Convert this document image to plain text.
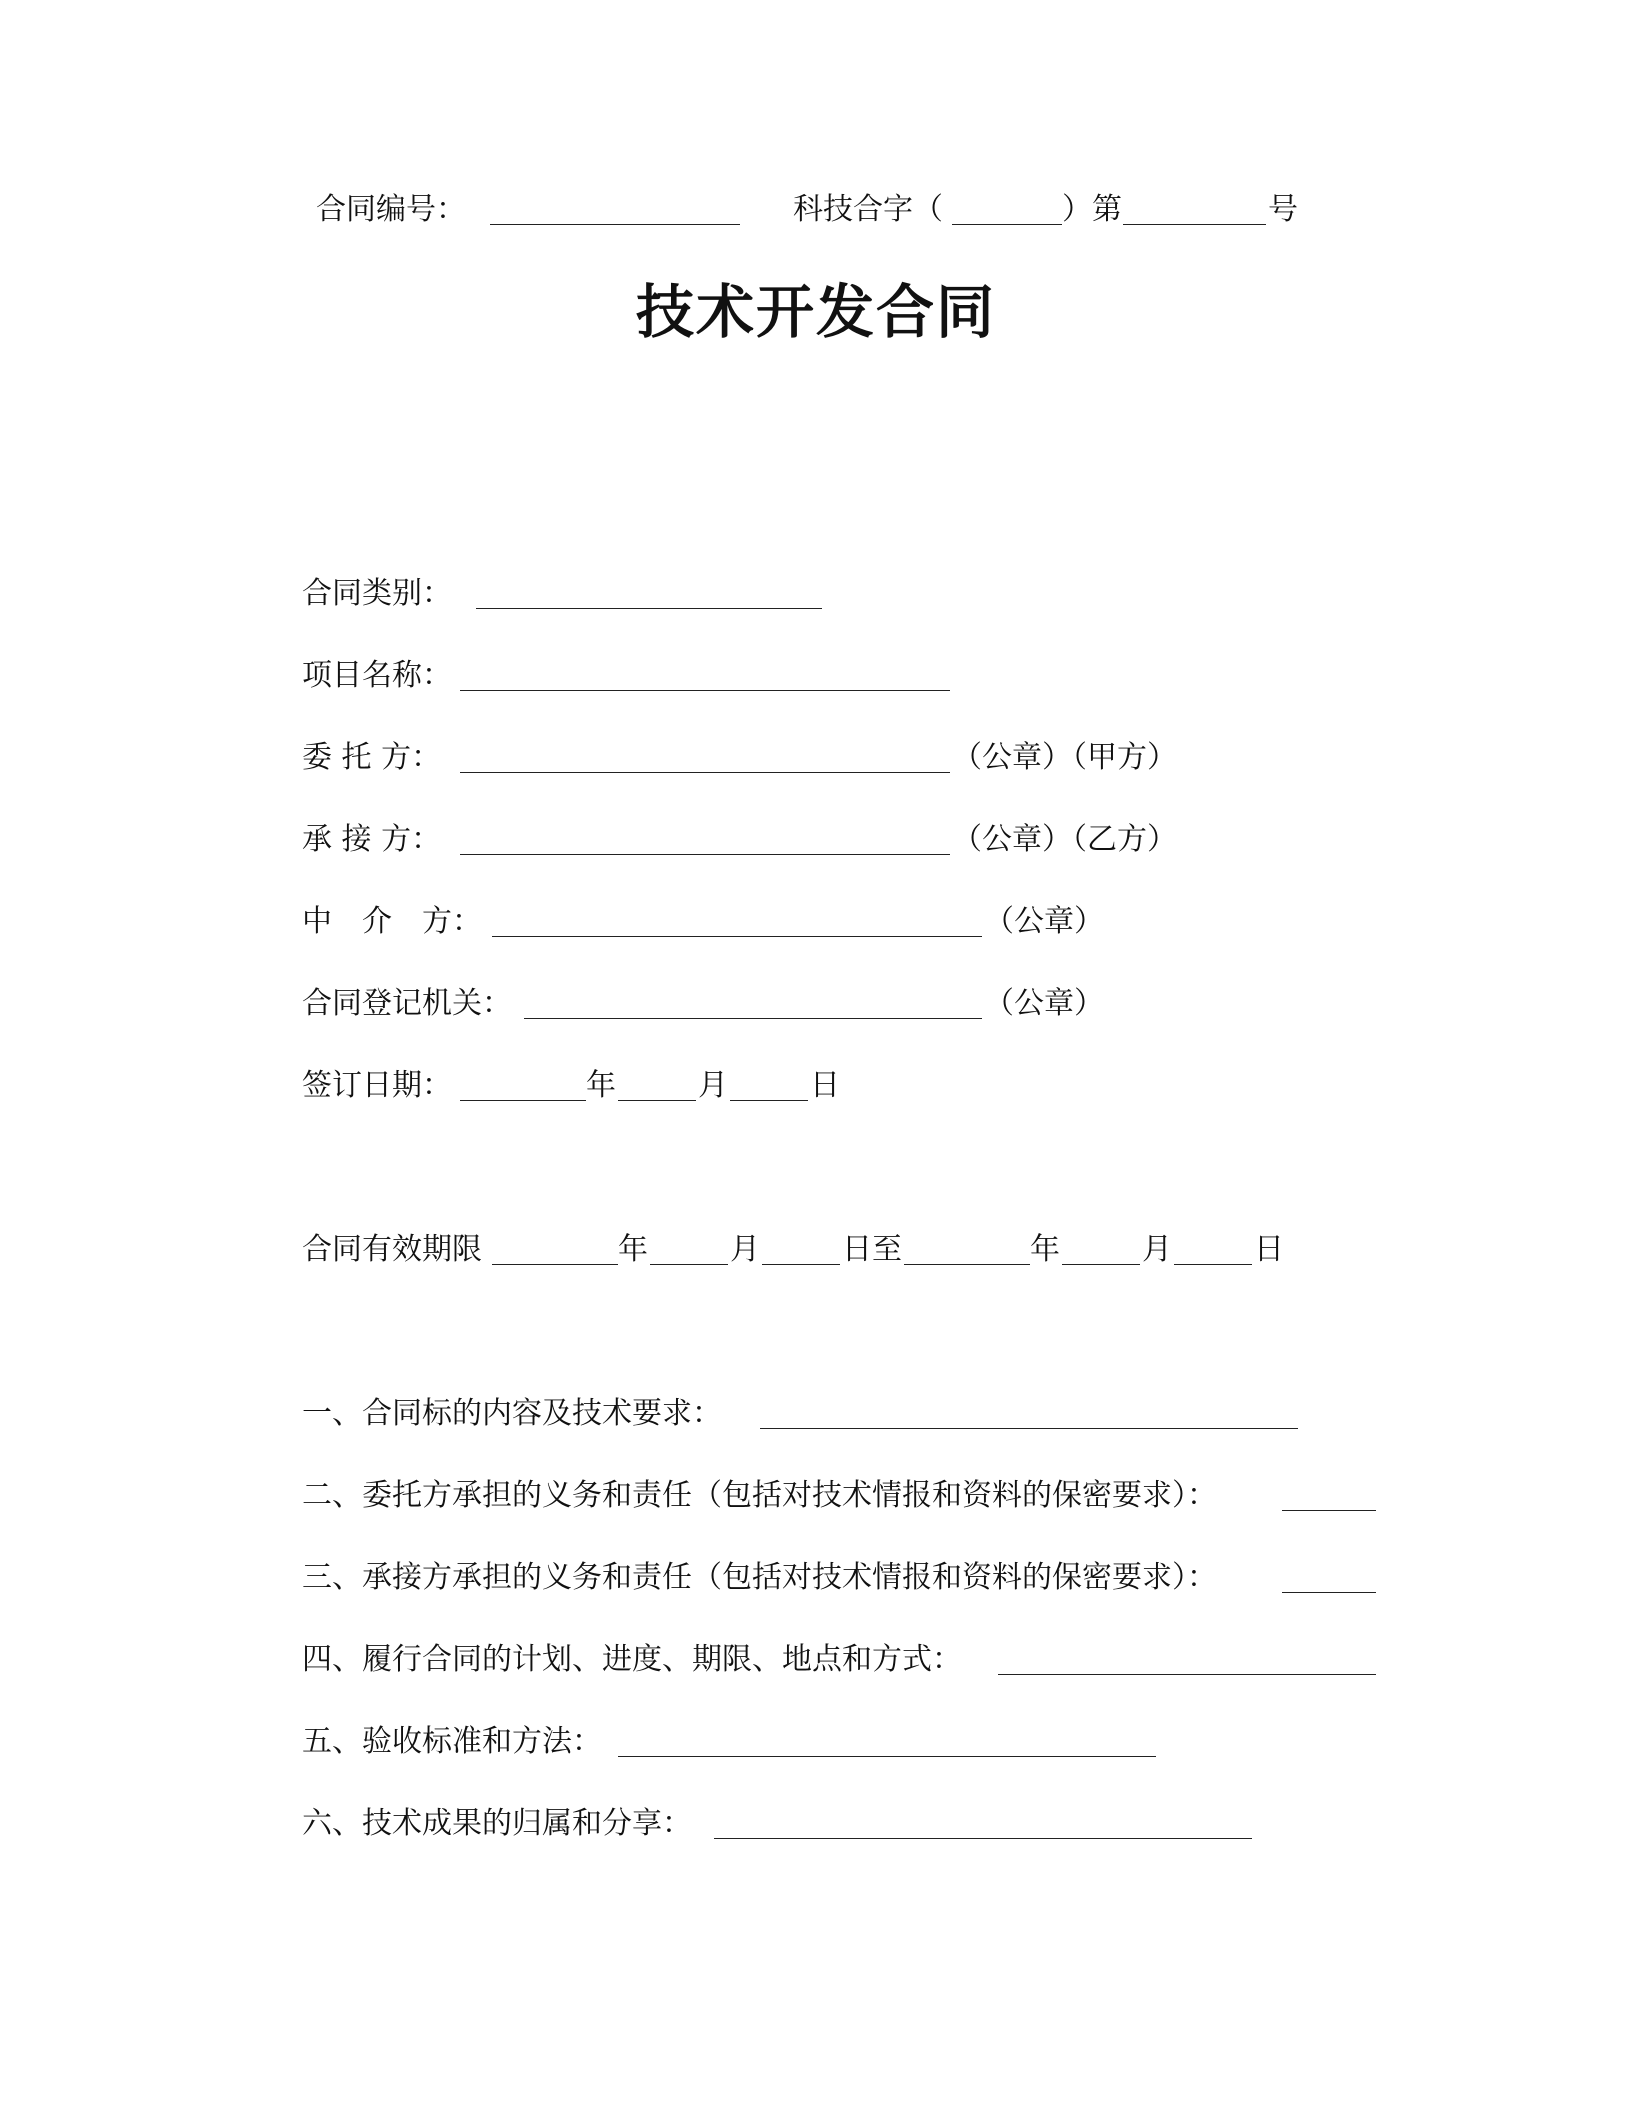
合同编号：	科技合字（	）第	号
技术开发合同
合同类别：
项目名称：
委 托 方：	（公章）（甲方）
承 接 方：	（公章）（乙方）
中　介　方：	（公章）
合同登记机关：	（公章）
签订日期：	年	月	日
合同有效期限	年	月	日至	年	月	日
一、合同标的内容及技术要求：
二、委托方承担的义务和责任（包括对技术情报和资料的保密要求）：
三、承接方承担的义务和责任（包括对技术情报和资料的保密要求）：
四、履行合同的计划、进度、期限、地点和方式：
五、验收标准和方法：
六、技术成果的归属和分享：
